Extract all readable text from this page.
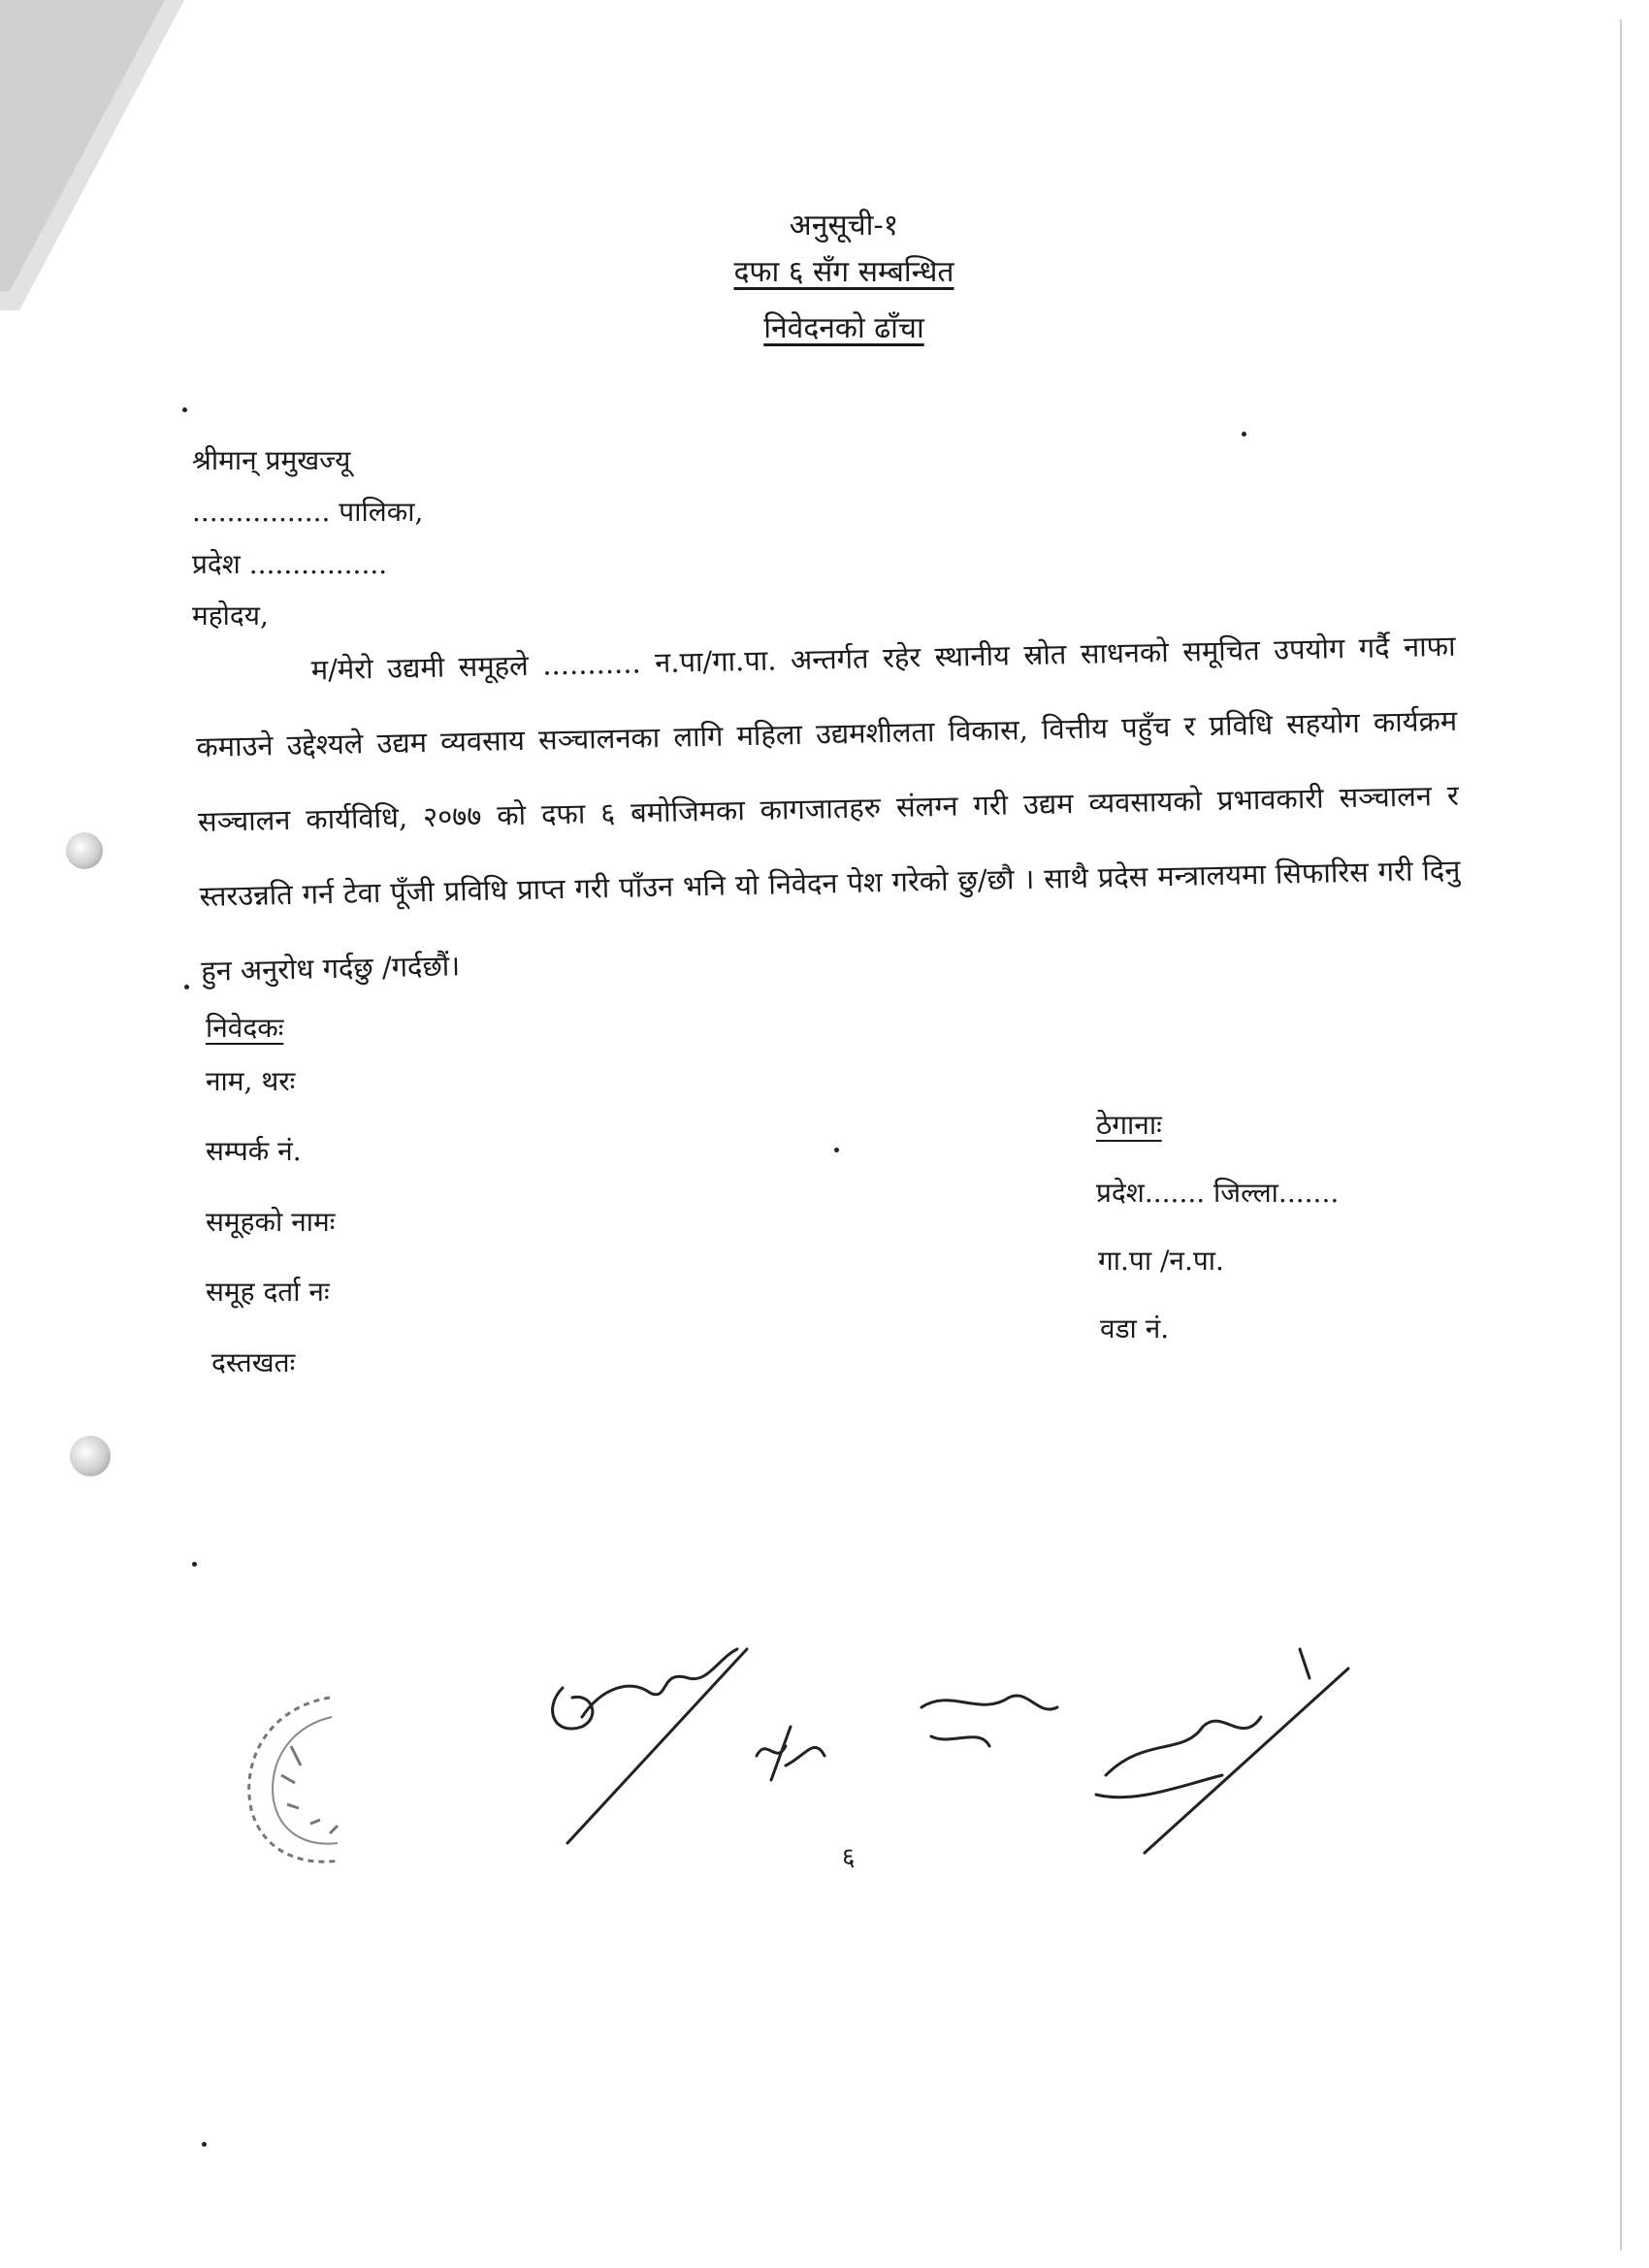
अनुसूची-१
दफा ६ सँग सम्बन्धित
निवेदनको ढाँचा
श्रीमान् प्रमुखज्यू
................ पालिका,
प्रदेश ................
महोदय,
म/मेरो उद्यमी समूहले ........... न.पा/गा.पा. अन्तर्गत रहेर स्थानीय स्रोत साधनको समूचित उपयोग गर्दै नाफा कमाउने उद्देश्यले उद्यम व्यवसाय सञ्चालनका लागि महिला उद्यमशीलता विकास, वित्तीय पहुँच र प्रविधि सहयोग कार्यक्रम सञ्चालन कार्यविधि, २०७७ को दफा ६ बमोजिमका कागजातहरु संलग्न गरी उद्यम व्यवसायको प्रभावकारी सञ्चालन र स्तरउन्नति गर्न टेवा पूँजी प्रविधि प्राप्त गरी पाँउन भनि यो निवेदन पेश गरेको छु/छौ । साथै प्रदेस मन्त्रालयमा सिफारिस गरी दिनु हुन अनुरोध गर्दछु /गर्दछौं।
निवेदकः
नाम, थरः
सम्पर्क नं.
समूहको नामः
समूह दर्ता नः
दस्तखतः
ठेगानाः
प्रदेश....... जिल्ला.......
गा.पा /न.पा.
वडा नं.
६
